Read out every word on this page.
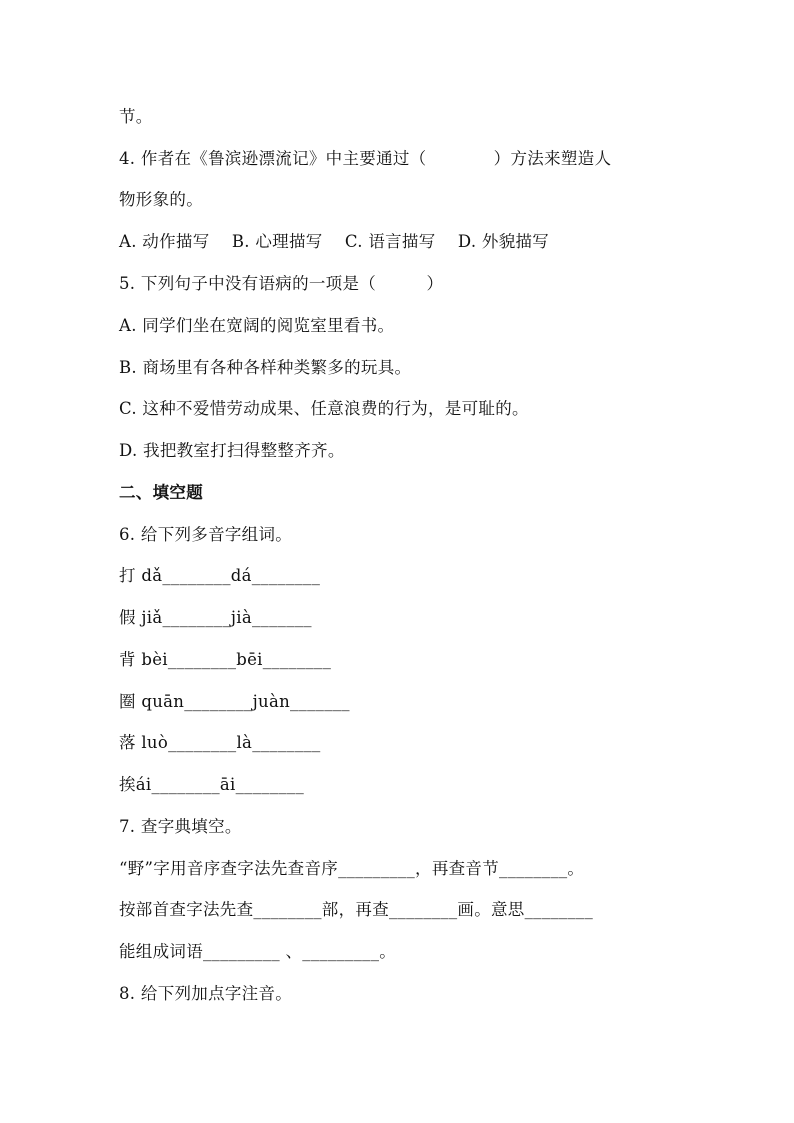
节。
4. 作者在《鲁滨逊漂流记》中主要通过（　　　　）方法来塑造人
物形象的。
A. 动作描写　 B. 心理描写　 C. 语言描写　 D. 外貌描写
5. 下列句子中没有语病的一项是（　　　）
A. 同学们坐在宽阔的阅览室里看书。
B. 商场里有各种各样种类繁多的玩具。
C. 这种不爱惜劳动成果、任意浪费的行为，是可耻的。
D. 我把教室打扫得整整齐齐。
二、填空题
6. 给下列多音字组词。
打 dǎ________dá________
假 jiǎ________jià_______
背 bèi________bēi________
圈 quān________juàn_______
落 luò________là________
挨ái________āi________
7. 查字典填空。
“野”字用音序查字法先查音序_________，再查音节________。
按部首查字法先查________部，再查________画。意思________
能组成词语_________ 、_________。
8. 给下列加点字注音。
